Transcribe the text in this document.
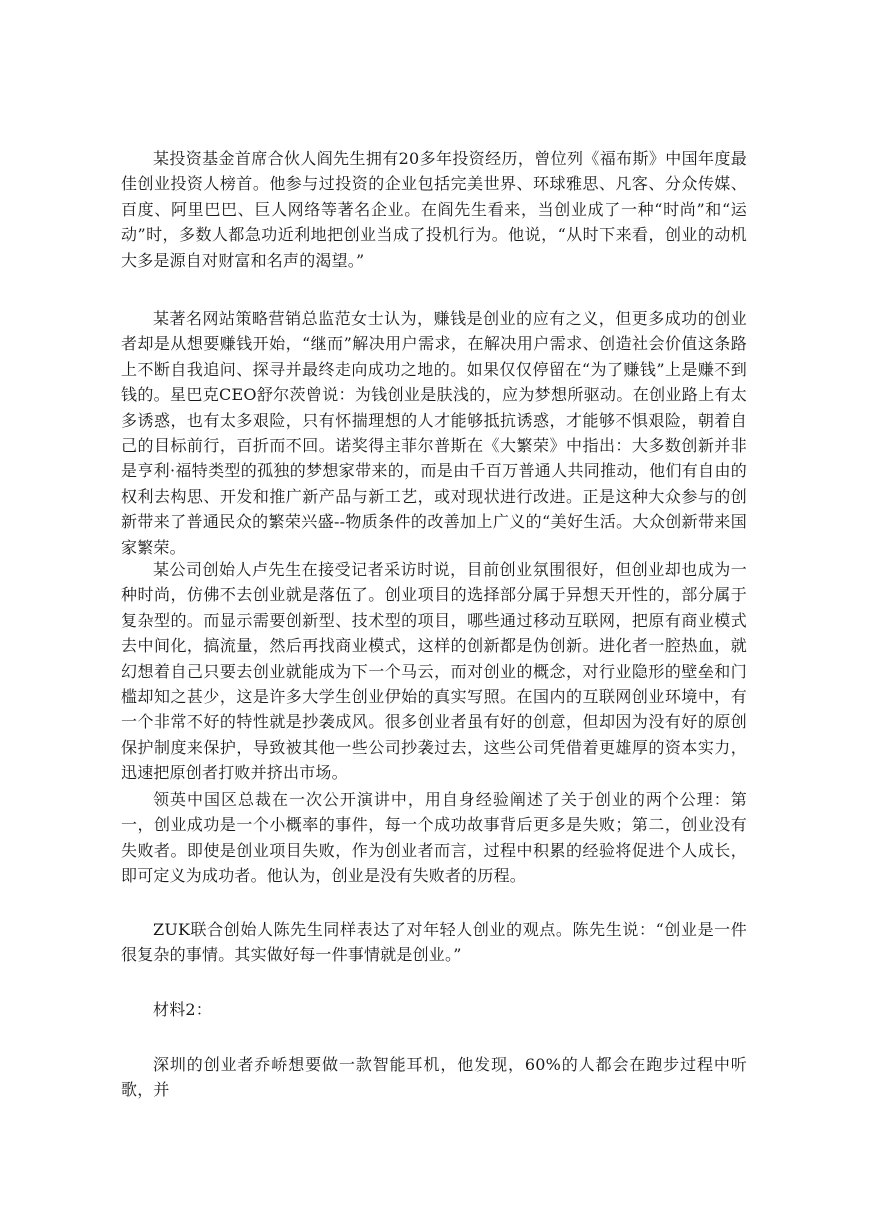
某投资基金首席合伙人阎先生拥有20多年投资经历，曾位列《福布斯》中国年度最佳创业投资人榜首。他参与过投资的企业包括完美世界、环球雅思、凡客、分众传媒、百度、阿里巴巴、巨人网络等著名企业。在阎先生看来，当创业成了一种“时尚”和“运动”时，多数人都急功近利地把创业当成了投机行为。他说，“从时下来看，创业的动机大多是源自对财富和名声的渴望。”

某著名网站策略营销总监范女士认为，赚钱是创业的应有之义，但更多成功的创业者却是从想要赚钱开始，“继而”解决用户需求，在解决用户需求、创造社会价值这条路上不断自我追问、探寻并最终走向成功之地的。如果仅仅停留在“为了赚钱”上是赚不到钱的。星巴克CEO舒尔茨曾说：为钱创业是肤浅的，应为梦想所驱动。在创业路上有太多诱惑，也有太多艰险，只有怀揣理想的人才能够抵抗诱惑，才能够不惧艰险，朝着自己的目标前行，百折而不回。诺奖得主菲尔普斯在《大繁荣》中指出：大多数创新并非是亨利·福特类型的孤独的梦想家带来的，而是由千百万普通人共同推动，他们有自由的权利去构思、开发和推广新产品与新工艺，或对现状进行改进。正是这种大众参与的创新带来了普通民众的繁荣兴盛--物质条件的改善加上广义的“美好生活。大众创新带来国家繁荣。

某公司创始人卢先生在接受记者采访时说，目前创业氛围很好，但创业却也成为一种时尚，仿佛不去创业就是落伍了。创业项目的选择部分属于异想天开性的，部分属于复杂型的。而显示需要创新型、技术型的项目，哪些通过移动互联网，把原有商业模式去中间化，搞流量，然后再找商业模式，这样的创新都是伪创新。进化者一腔热血，就幻想着自己只要去创业就能成为下一个马云，而对创业的概念，对行业隐形的壁垒和门槛却知之甚少，这是许多大学生创业伊始的真实写照。在国内的互联网创业环境中，有一个非常不好的特性就是抄袭成风。很多创业者虽有好的创意，但却因为没有好的原创保护制度来保护，导致被其他一些公司抄袭过去，这些公司凭借着更雄厚的资本实力，迅速把原创者打败并挤出市场。

领英中国区总裁在一次公开演讲中，用自身经验阐述了关于创业的两个公理：第一，创业成功是一个小概率的事件，每一个成功故事背后更多是失败；第二，创业没有失败者。即使是创业项目失败，作为创业者而言，过程中积累的经验将促进个人成长，即可定义为成功者。他认为，创业是没有失败者的历程。

ZUK联合创始人陈先生同样表达了对年轻人创业的观点。陈先生说：“创业是一件很复杂的事情。其实做好每一件事情就是创业。”

材料2：

深圳的创业者乔峤想要做一款智能耳机，他发现，60%的人都会在跑步过程中听歌，并
